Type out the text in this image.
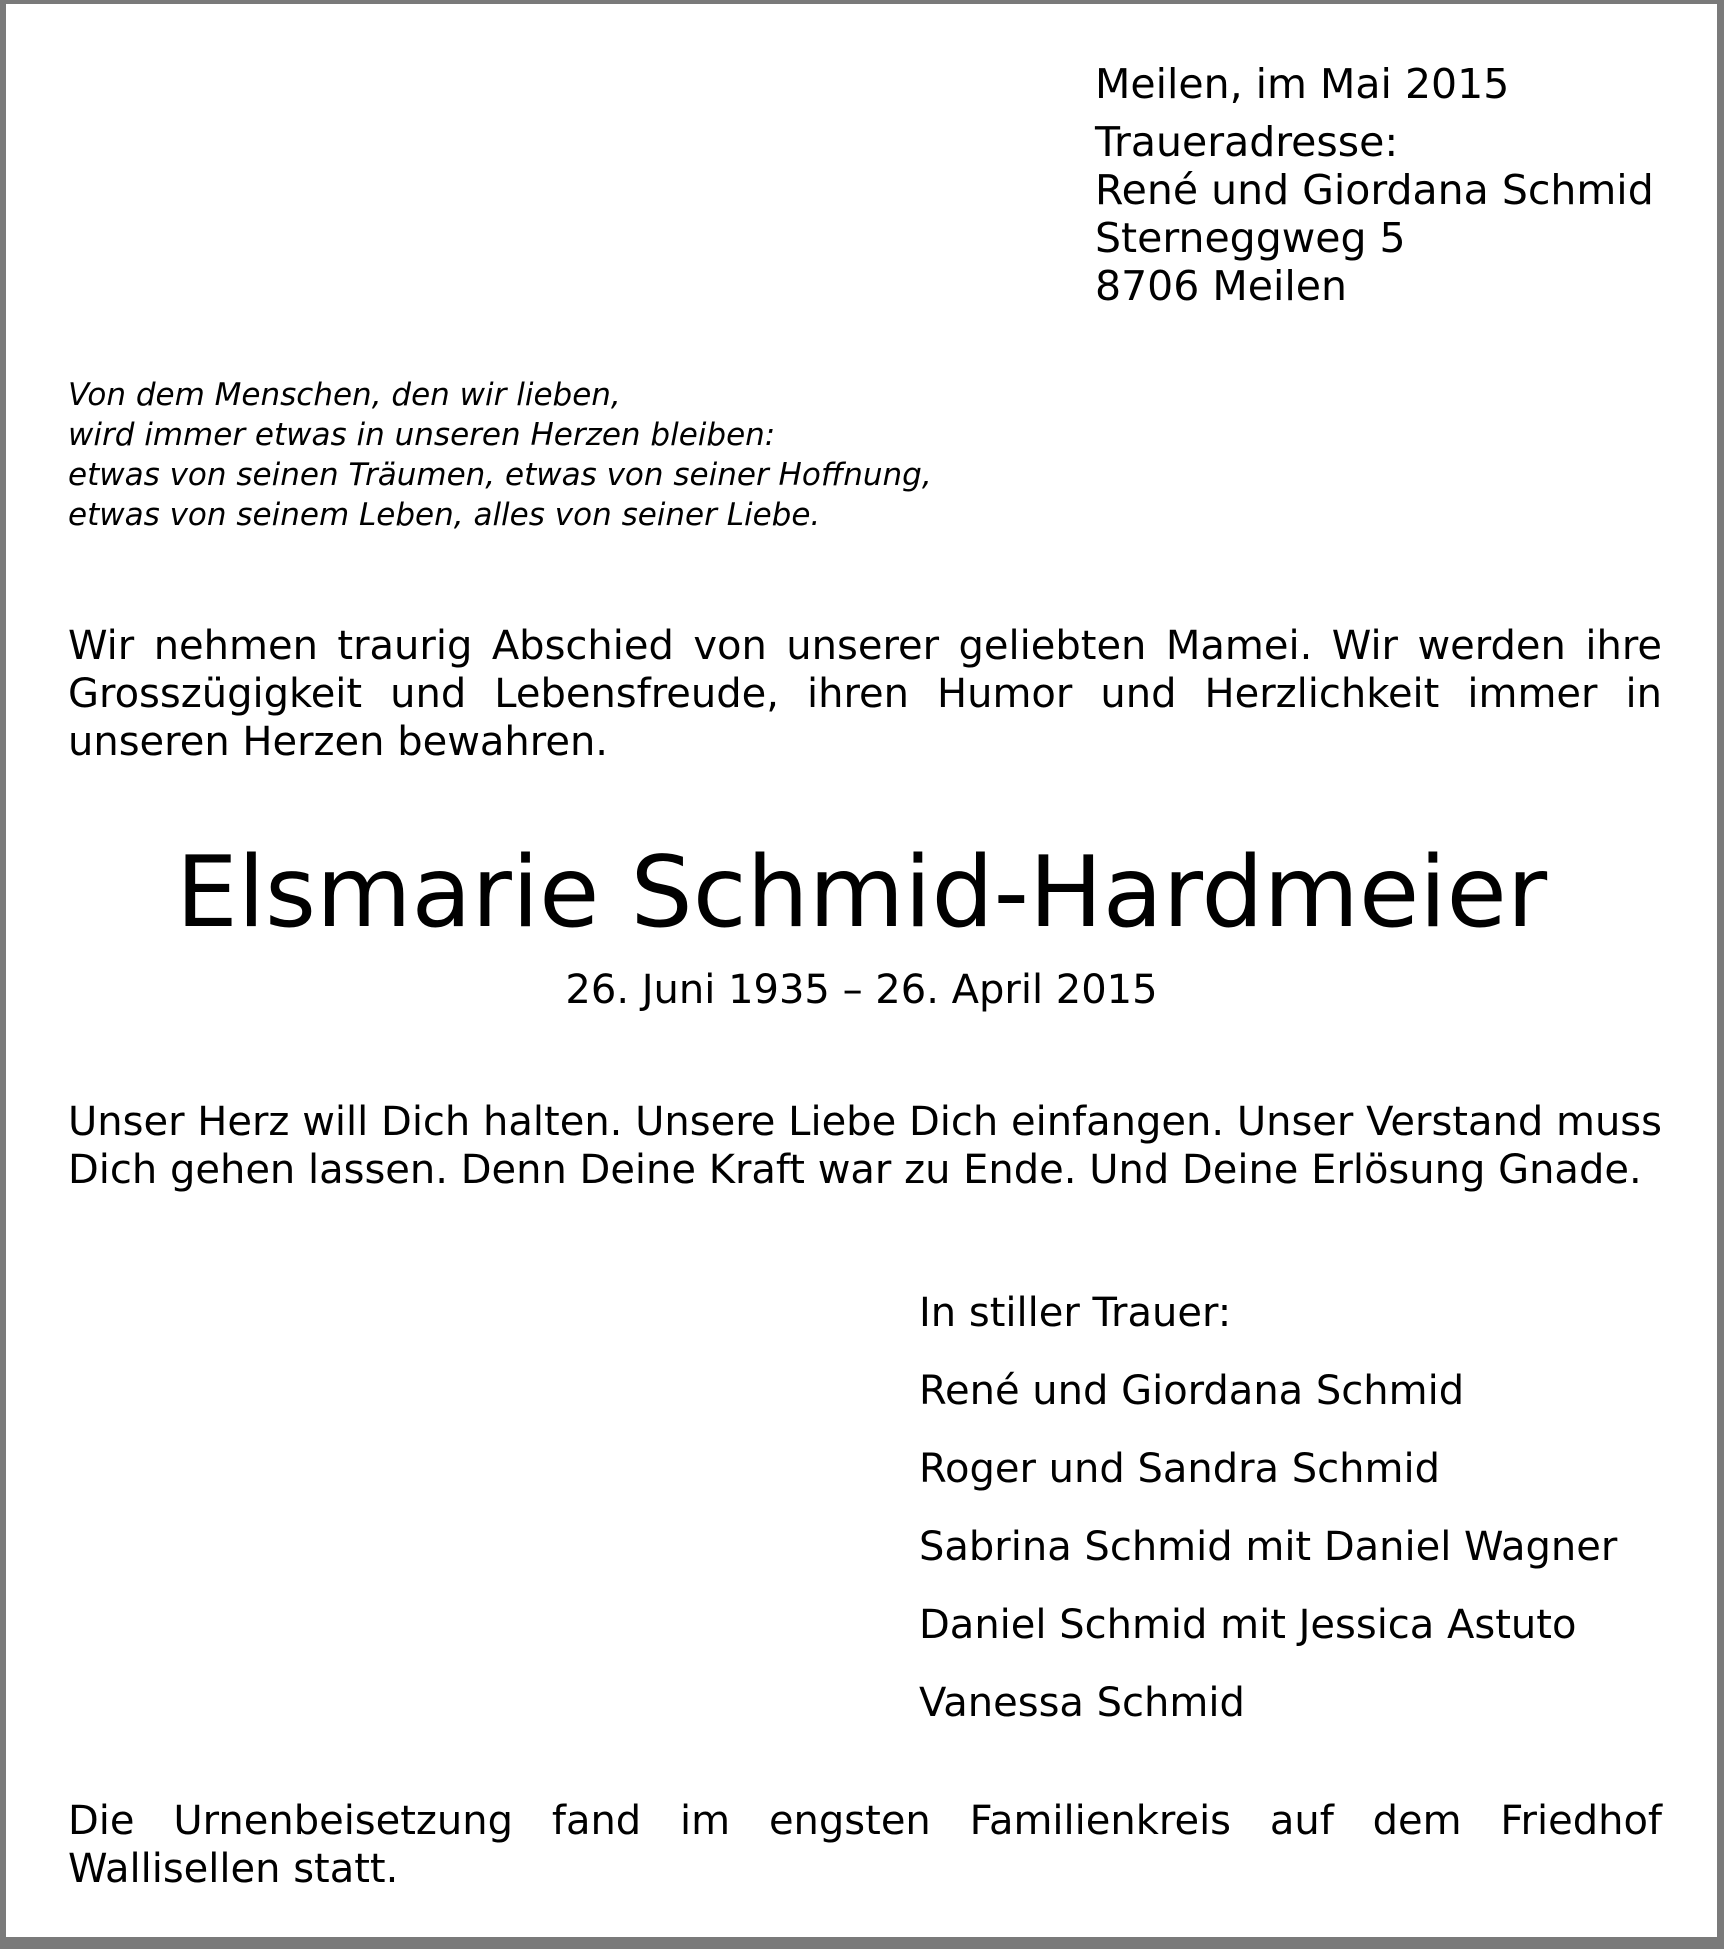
Meilen, im Mai 2015
Traueradresse:
René und Giordana Schmid
Sterneggweg 5
8706 Meilen
Von dem Menschen, den wir lieben,
wird immer etwas in unseren Herzen bleiben:
etwas von seinen Träumen, etwas von seiner Hoffnung,
etwas von seinem Leben, alles von seiner Liebe.
Wir nehmen traurig Abschied von unserer geliebten Mamei. Wir werden ihre Grosszügigkeit und Lebensfreude, ihren Humor und Herzlichkeit immer in unseren Herzen bewahren.
Elsmarie Schmid-Hardmeier
26. Juni 1935 – 26. April 2015
Unser Herz will Dich halten. Unsere Liebe Dich einfangen. Unser Verstand muss Dich gehen lassen. Denn Deine Kraft war zu Ende. Und Deine Erlösung Gnade.
In stiller Trauer:
René und Giordana Schmid
Roger und Sandra Schmid
Sabrina Schmid mit Daniel Wagner
Daniel Schmid mit Jessica Astuto
Vanessa Schmid
Die Urnenbeisetzung fand im engsten Familienkreis auf dem Friedhof Wallisellen statt.
